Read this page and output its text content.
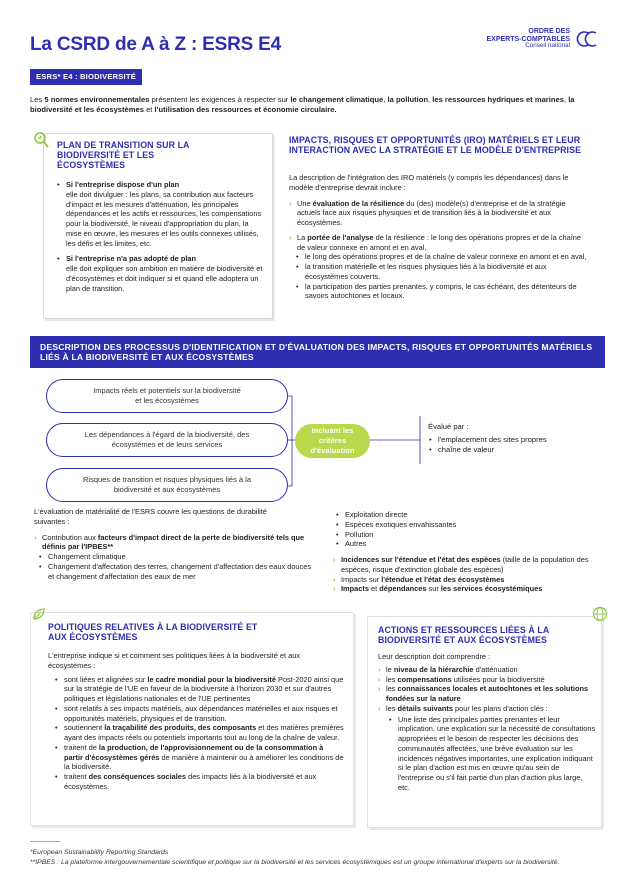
La CSRD de A à Z : ESRS E4
ORDRE DES
EXPERTS-COMPTABLES
Conseil national
ESRS* E4 : BIODIVERSITÉ
Les 5 normes environnementales présentent les exigences à respecter sur le changement climatique, la pollution, les ressources hydriques et marines, la biodiversité et les écosystèmes et l'utilisation des ressources et économie circulaire.
PLAN DE TRANSITION SUR LA BIODIVERSITÉ ET LES ÉCOSYSTÈMES
• Si l'entreprise dispose d'un plan
elle doit divulguer : les plans, sa contribution aux facteurs d'impact et les mesures d'atténuation, les principales dépendances et les actifs et ressources, les compensations pour la biodiversité, le niveau d'appropriation du plan, la mise en œuvre, les mesures et les outils connexes utilisés, les défis et les limites, etc.
• Si l'entreprise n'a pas adopté de plan
elle doit expliquer son ambition en matière de biodiversité et d'écosystèmes et doit indiquer si et quand elle adoptera un plan de transition.
IMPACTS, RISQUES ET OPPORTUNITÉS (IRO) MATÉRIELS ET LEUR INTERACTION AVEC LA STRATÉGIE ET LE MODÈLE D'ENTREPRISE
La description de l'intégration des IRO matériels (y compris les dépendances) dans le modèle d'entreprise devrait inclure :
› Une évaluation de la résilience du (des) modèle(s) d'entreprise et de la stratégie actuels face aux risques physiques et de transition liés à la biodiversité et aux écosystèmes.
› La portée de l'analyse de la résilience : le long des opérations propres et de la chaîne de valeur connexe en amont et en aval,
• le long des opérations propres et de la chaîne de valeur connexe en amont et en aval,
• la transition matérielle et les risques physiques liés à la biodiversité et aux écosystèmes couverts.
• la participation des parties prenantes, y compris, le cas échéant, des détenteurs de savoirs autochtones et locaux.
DESCRIPTION DES PROCESSUS D'IDENTIFICATION ET D'ÉVALUATION DES IMPACTS, RISQUES ET OPPORTUNITÉS MATÉRIELS LIÉS À LA BIODIVERSITÉ ET AUX ÉCOSYSTÈMES
Impacts réels et potentiels sur la biodiversité et les écosystèmes
Les dépendances à l'égard de la biodiversité, des écosystèmes et de leurs services
Risques de transition et risques physiques liés à la biodiversité et aux écosystèmes
Incluant les critères d'évaluation
Évalué par :
• l'emplacement des sites propres
• chaîne de valeur
L'évaluation de matérialité de l'ESRS couvre les questions de durabilité suivantes :
› Contribution aux facteurs d'impact direct de la perte de biodiversité tels que définis par l'IPBES**
• Changement climatique
• Changement d'affectation des terres, changement d'affectation des eaux douces et changement d'affectation des eaux de mer
• Exploitation directe
• Espèces exotiques envahissantes
• Pollution
• Autres
› Incidences sur l'étendue et l'état des espèces (taille de la population des espèces, risque d'extinction globale des espèces)
› Impacts sur l'étendue et l'état des écosystèmes
› Impacts et dépendances sur les services écosystémiques
POLITIQUES RELATIVES À LA BIODIVERSITÉ ET AUX ÉCOSYSTÈMES
L'entreprise indique si et comment ses politiques liées à la biodiversité et aux écosystèmes :
• sont liées et alignées sur le cadre mondial pour la biodiversité Post-2020 ainsi que sur la stratégie de l'UE en faveur de la biodiversité à l'horizon 2030 et sur d'autres politiques et législations nationales et de l'UE pertinentes
• sont relatifs à ses impacts matériels, aux dépendances matérielles et aux risques et opportunités matériels, physiques et de transition.
• soutiennent la traçabilité des produits, des composants et des matières premières ayant des impacts réels ou potentiels importants tout au long de la chaîne de valeur.
• traitent de la production, de l'approvisionnement ou de la consommation à partir d'écosystèmes gérés de manière à maintenir ou à améliorer les conditions de la biodiversité.
• traitent des conséquences sociales des impacts liés à la biodiversité et aux écosystèmes.
ACTIONS ET RESSOURCES LIÉES À LA BIODIVERSITÉ ET AUX ÉCOSYSTÈMES
Leur description doit comprendre :
› le niveau de la hiérarchie d'atténuation
› les compensations utilisées pour la biodiversité
› les connaissances locales et autochtones et les solutions fondées sur la nature
› les détails suivants pour les plans d'action clés :
• Une liste des principales parties prenantes et leur implication, une explication sur la nécessité de consultations appropriées et le besoin de respecter les décisions des communautés affectées, une brève évaluation sur les incidences négatives importantes, une explication indiquant si le plan d'action est mis en œuvre qu'au sein de l'entreprise ou s'il fait partie d'un plan d'action plus large, etc.
*European Sustainability Reporting Standards
**IPBES : La plateforme intergouvernementale scientifique et politique sur la biodiversité et les services écosystémiques est un groupe international d'experts sur la biodiversité.
